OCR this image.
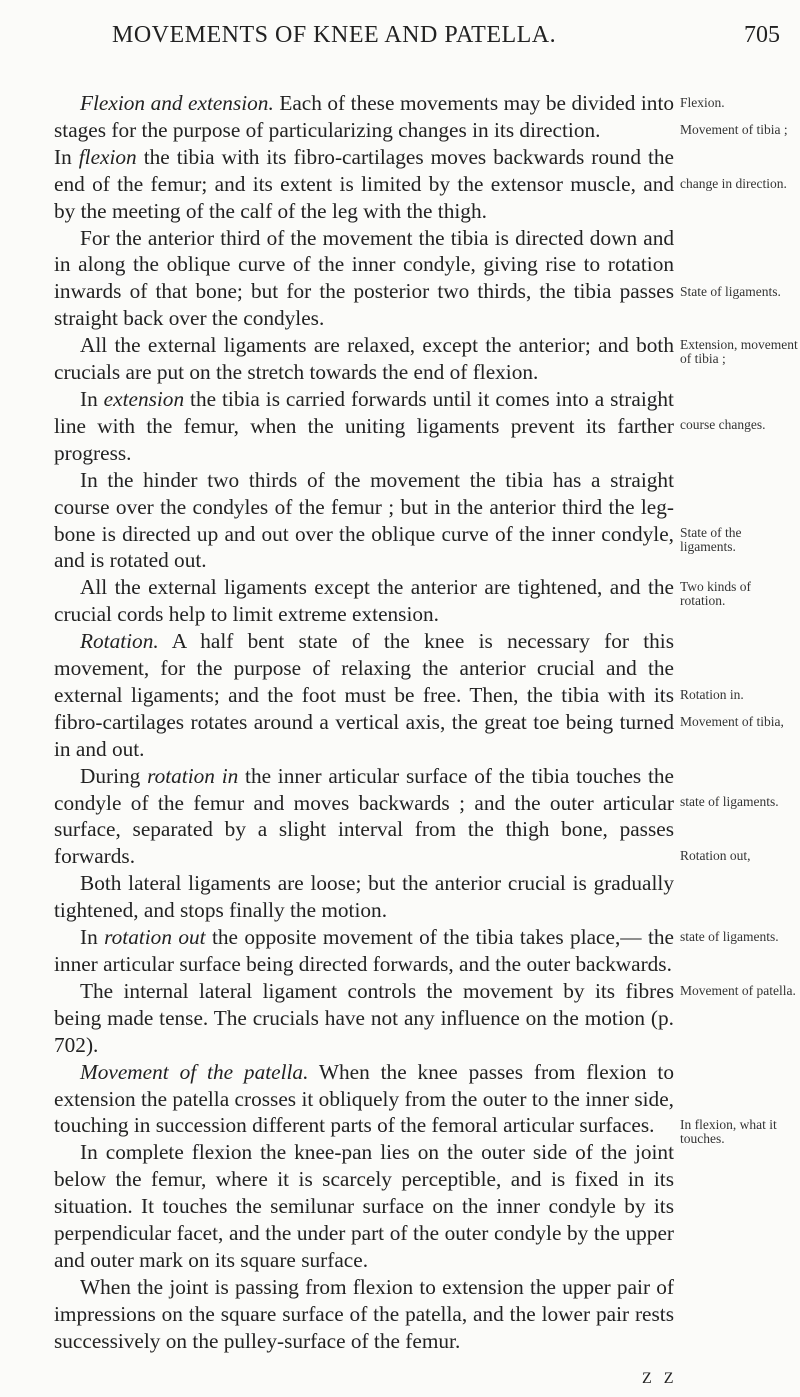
MOVEMENTS OF KNEE AND PATELLA.	705

Flexion and extension. Each of these movements may be divided into stages for the purpose of particularizing changes in its direction.

In flexion the tibia with its fibro-cartilages moves backwards round the end of the femur; and its extent is limited by the extensor muscle, and by the meeting of the calf of the leg with the thigh.

For the anterior third of the movement the tibia is directed down and in along the oblique curve of the inner condyle, giving rise to rotation inwards of that bone; but for the posterior two thirds, the tibia passes straight back over the condyles.

All the external ligaments are relaxed, except the anterior; and both crucials are put on the stretch towards the end of flexion.

In extension the tibia is carried forwards until it comes into a straight line with the femur, when the uniting ligaments prevent its farther progress.

In the hinder two thirds of the movement the tibia has a straight course over the condyles of the femur ; but in the anterior third the leg-bone is directed up and out over the oblique curve of the inner condyle, and is rotated out.

All the external ligaments except the anterior are tightened, and the crucial cords help to limit extreme extension.

Rotation. A half bent state of the knee is necessary for this movement, for the purpose of relaxing the anterior crucial and the external ligaments; and the foot must be free. Then, the tibia with its fibro-cartilages rotates around a vertical axis, the great toe being turned in and out.

During rotation in the inner articular surface of the tibia touches the condyle of the femur and moves backwards ; and the outer articular surface, separated by a slight interval from the thigh bone, passes forwards.

Both lateral ligaments are loose; but the anterior crucial is gradually tightened, and stops finally the motion.

In rotation out the opposite movement of the tibia takes place,— the inner articular surface being directed forwards, and the outer backwards.

The internal lateral ligament controls the movement by its fibres being made tense. The crucials have not any influence on the motion (p. 702).

Movement of the patella. When the knee passes from flexion to extension the patella crosses it obliquely from the outer to the inner side, touching in succession different parts of the femoral articular surfaces.

In complete flexion the knee-pan lies on the outer side of the joint below the femur, where it is scarcely perceptible, and is fixed in its situation. It touches the semilunar surface on the inner condyle by its perpendicular facet, and the under part of the outer condyle by the upper and outer mark on its square surface.

When the joint is passing from flexion to extension the upper pair of impressions on the square surface of the patella, and the lower pair rests successively on the pulley-surface of the femur.

Flexion.
Movement of tibia ;
change in direction.
State of ligaments.
Extension, movement of tibia ;
course changes.
State of the ligaments.
Two kinds of rotation.
Rotation in.
Movement of tibia,
state of ligaments.
Rotation out,
state of ligaments.
Movement of patella.
In flexion, what it touches.
Z Z
